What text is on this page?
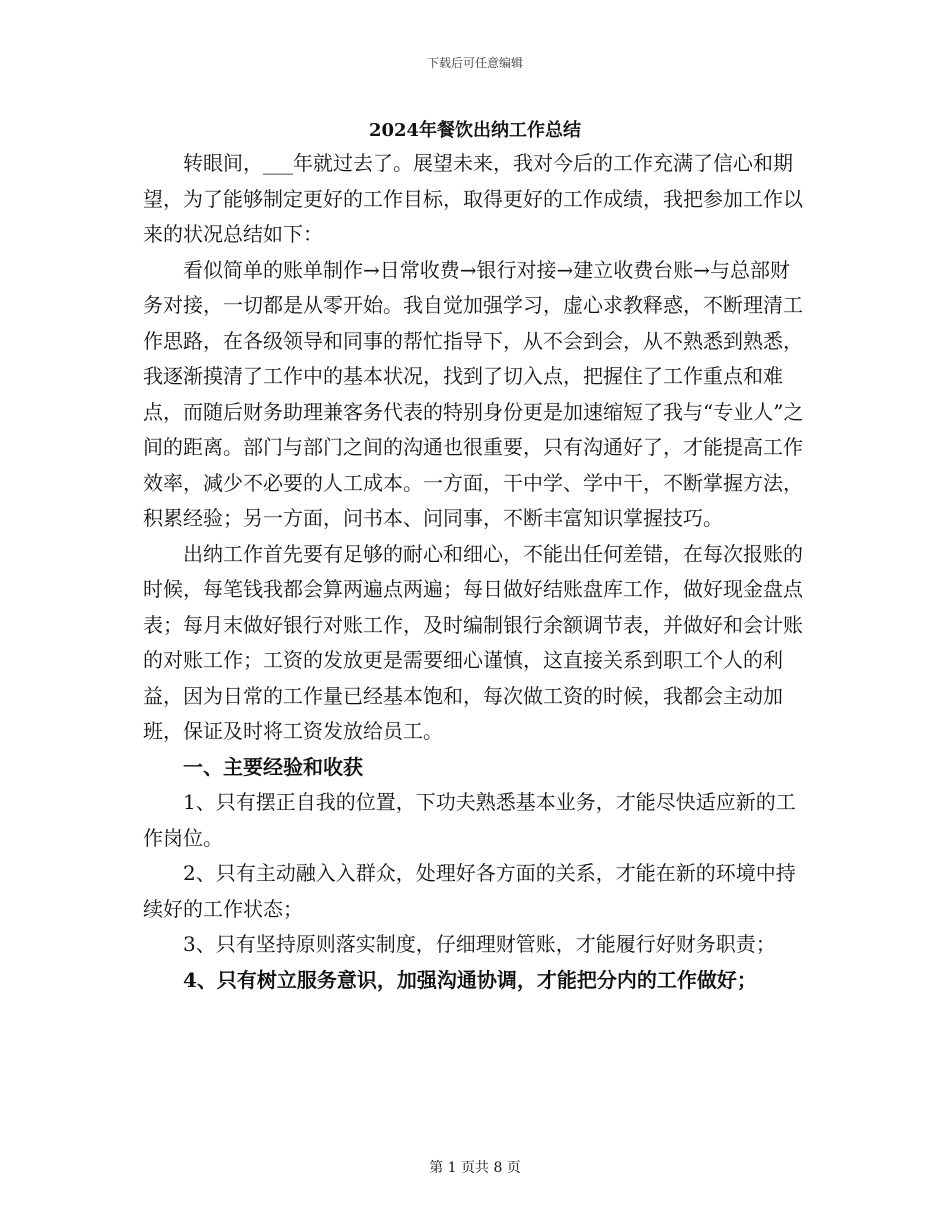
下载后可任意编辑
2024年餐饮出纳工作总结

转眼间，___年就过去了。展望未来，我对今后的工作充满了信心和期望，为了能够制定更好的工作目标，取得更好的工作成绩，我把参加工作以来的状况总结如下：

看似简单的账单制作→日常收费→银行对接→建立收费台账→与总部财务对接，一切都是从零开始。我自觉加强学习，虚心求教释惑，不断理清工作思路，在各级领导和同事的帮忙指导下，从不会到会，从不熟悉到熟悉，我逐渐摸清了工作中的基本状况，找到了切入点，把握住了工作重点和难点，而随后财务助理兼客务代表的特别身份更是加速缩短了我与“专业人”之间的距离。部门与部门之间的沟通也很重要，只有沟通好了，才能提高工作效率，减少不必要的人工成本。一方面，干中学、学中干，不断掌握方法，积累经验；另一方面，问书本、问同事，不断丰富知识掌握技巧。

出纳工作首先要有足够的耐心和细心，不能出任何差错，在每次报账的时候，每笔钱我都会算两遍点两遍；每日做好结账盘库工作，做好现金盘点表；每月末做好银行对账工作，及时编制银行余额调节表，并做好和会计账的对账工作；工资的发放更是需要细心谨慎，这直接关系到职工个人的利益，因为日常的工作量已经基本饱和，每次做工资的时候，我都会主动加班，保证及时将工资发放给员工。

一、主要经验和收获

1、只有摆正自我的位置，下功夫熟悉基本业务，才能尽快适应新的工作岗位。

2、只有主动融入入群众，处理好各方面的关系，才能在新的环境中持续好的工作状态；

3、只有坚持原则落实制度，仔细理财管账，才能履行好财务职责；

4、只有树立服务意识，加强沟通协调，才能把分内的工作做好；

第 1 页共 8 页
